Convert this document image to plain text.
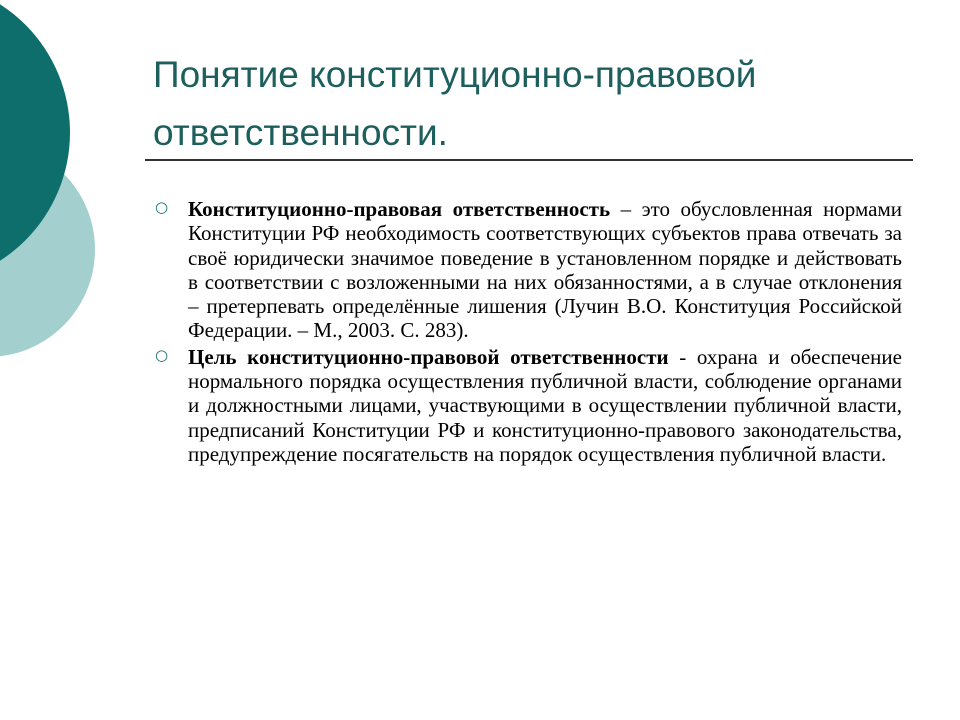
Понятие конституционно-правовой ответственности.
○ Конституционно-правовая ответственность – это обусловленная нормами Конституции РФ необходимость соответствующих субъектов права отвечать за своё юридически значимое поведение в установленном порядке и действовать в соответствии с возложенными на них обязанностями, а в случае отклонения – претерпевать определённые лишения (Лучин В.О. Конституция Российской Федерации. – М., 2003. С. 283).
○ Цель конституционно-правовой ответственности - охрана и обеспечение нормального порядка осуществления публичной власти, соблюдение органами и должностными лицами, участвующими в осуществлении публичной власти, предписаний Конституции РФ и конституционно-правового законодательства, предупреждение посягательств на порядок осуществления публичной власти.
